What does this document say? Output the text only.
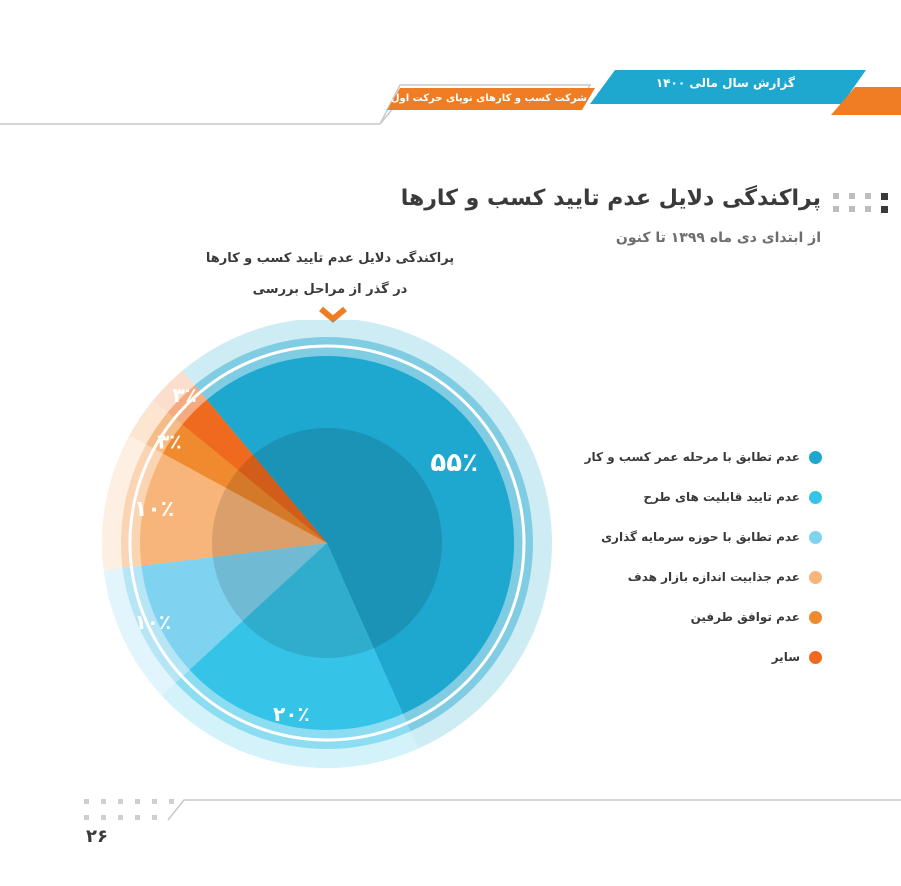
گزارش سال مالی ۱۴۰۰
شرکت کسب و کارهای نوپای حرکت اول
پراکندگی دلایل عدم تایید کسب و کارها
از ابتدای دی ماه ۱۳۹۹ تا کنون
پراکندگی دلایل عدم تایید کسب و کارها
در گذر از مراحل بررسی
۵۵٪
۲۰٪
۱۰٪
۱۰٪
۳٪
۳٪
عدم تطابق با مرحله عمر کسب و کار
عدم تایید قابلیت های طرح
عدم تطابق با حوزه سرمایه گذاری
عدم جذابیت اندازه بازار هدف
عدم توافق طرفین
سایر
۲۶
